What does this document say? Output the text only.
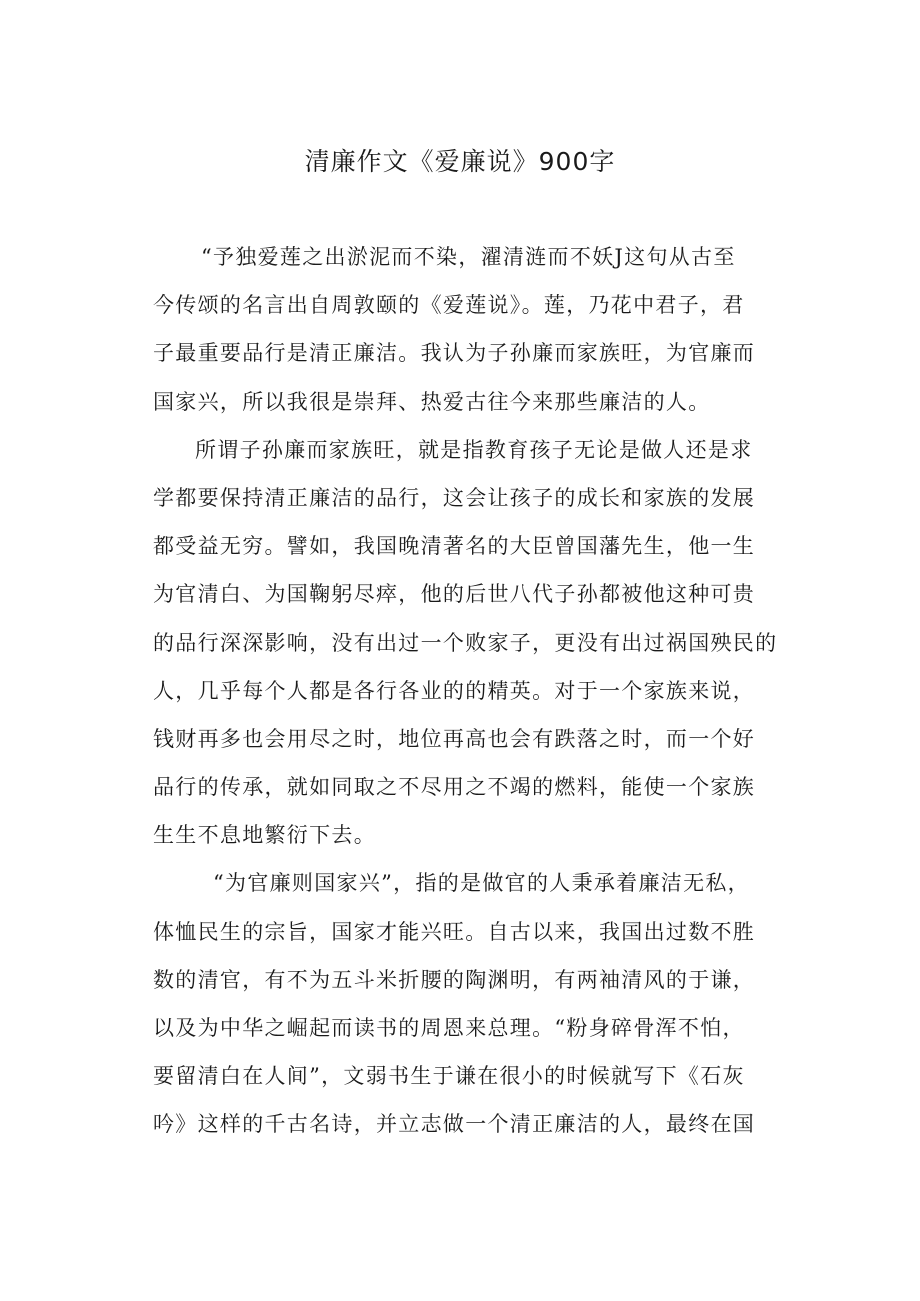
清廉作文《爱廉说》900字
“予独爱莲之出淤泥而不染，濯清涟而不妖J这句从古至
今传颂的名言出自周敦颐的《爱莲说》。莲，乃花中君子，君
子最重要品行是清正廉洁。我认为子孙廉而家族旺，为官廉而
国家兴，所以我很是崇拜、热爱古往今来那些廉洁的人。
所谓子孙廉而家族旺，就是指教育孩子无论是做人还是求
学都要保持清正廉洁的品行，这会让孩子的成长和家族的发展
都受益无穷。譬如，我国晚清著名的大臣曾国藩先生，他一生
为官清白、为国鞠躬尽瘁，他的后世八代子孙都被他这种可贵
的品行深深影响，没有出过一个败家子，更没有出过祸国殃民的
人，几乎每个人都是各行各业的的精英。对于一个家族来说，
钱财再多也会用尽之时，地位再高也会有跌落之时，而一个好
品行的传承，就如同取之不尽用之不竭的燃料，能使一个家族
生生不息地繁衍下去。
“为官廉则国家兴”，指的是做官的人秉承着廉洁无私，
体恤民生的宗旨，国家才能兴旺。自古以来，我国出过数不胜
数的清官，有不为五斗米折腰的陶渊明，有两袖清风的于谦，
以及为中华之崛起而读书的周恩来总理。“粉身碎骨浑不怕，
要留清白在人间”，文弱书生于谦在很小的时候就写下《石灰
吟》这样的千古名诗，并立志做一个清正廉洁的人，最终在国
